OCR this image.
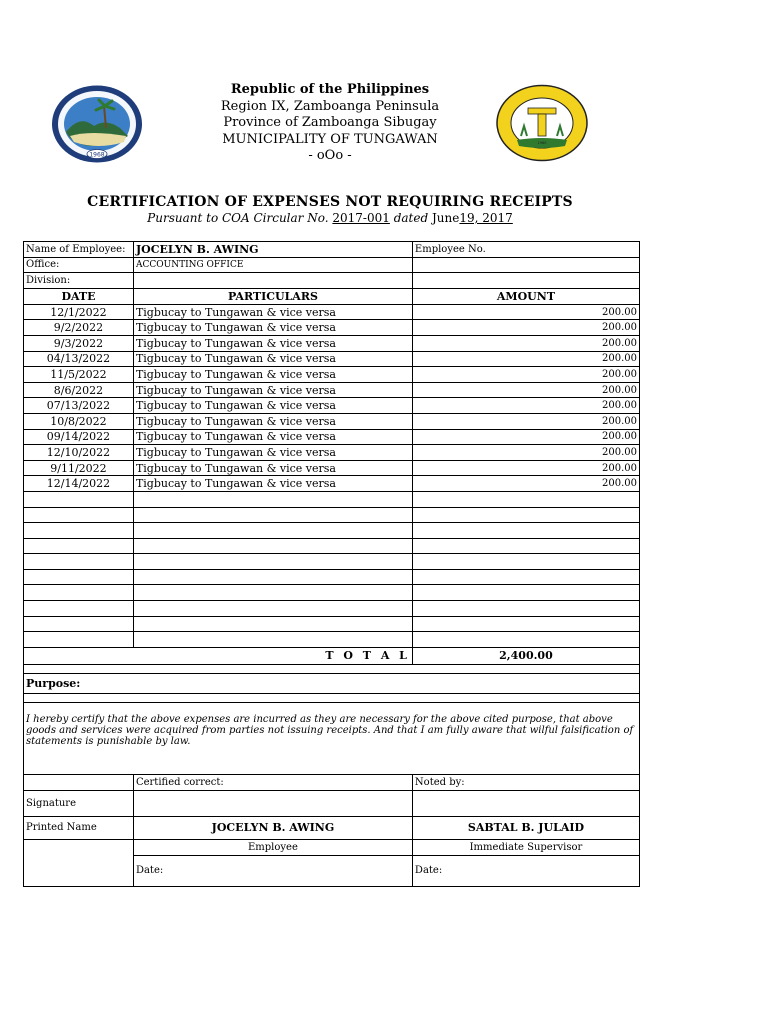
1968
1960
Republic of the Philippines
Region IX, Zamboanga Peninsula
Province of Zamboanga Sibugay
MUNICIPALITY OF TUNGAWAN
- oOo -
CERTIFICATION OF EXPENSES NOT REQUIRING RECEIPTS
Pursuant to COA Circular No. 2017-001 dated June19, 2017
Name of Employee:	JOCELYN B. AWING	Employee No.
Office:	ACCOUNTING OFFICE	
Division:		
DATE	PARTICULARS	AMOUNT
12/1/2022	Tigbucay to Tungawan & vice versa	200.00
9/2/2022	Tigbucay to Tungawan & vice versa	200.00
9/3/2022	Tigbucay to Tungawan & vice versa	200.00
04/13/2022	Tigbucay to Tungawan & vice versa	200.00
11/5/2022	Tigbucay to Tungawan & vice versa	200.00
8/6/2022	Tigbucay to Tungawan & vice versa	200.00
07/13/2022	Tigbucay to Tungawan & vice versa	200.00
10/8/2022	Tigbucay to Tungawan & vice versa	200.00
09/14/2022	Tigbucay to Tungawan & vice versa	200.00
12/10/2022	Tigbucay to Tungawan & vice versa	200.00
9/11/2022	Tigbucay to Tungawan & vice versa	200.00
12/14/2022	Tigbucay to Tungawan & vice versa	200.00

	T O T A L	2,400.00

Purpose:		

I hereby certify that the above expenses are incurred as they are necessary for the above cited purpose, that above goods and services were acquired from parties not issuing receipts. And that I am fully aware that wilful falsification of statements is punishable by law.		
	Certified correct:	Noted by:
Signature		
Printed Name	JOCELYN B. AWING	SABTAL B. JULAID
	Employee	Immediate Supervisor
	Date:	Date:
